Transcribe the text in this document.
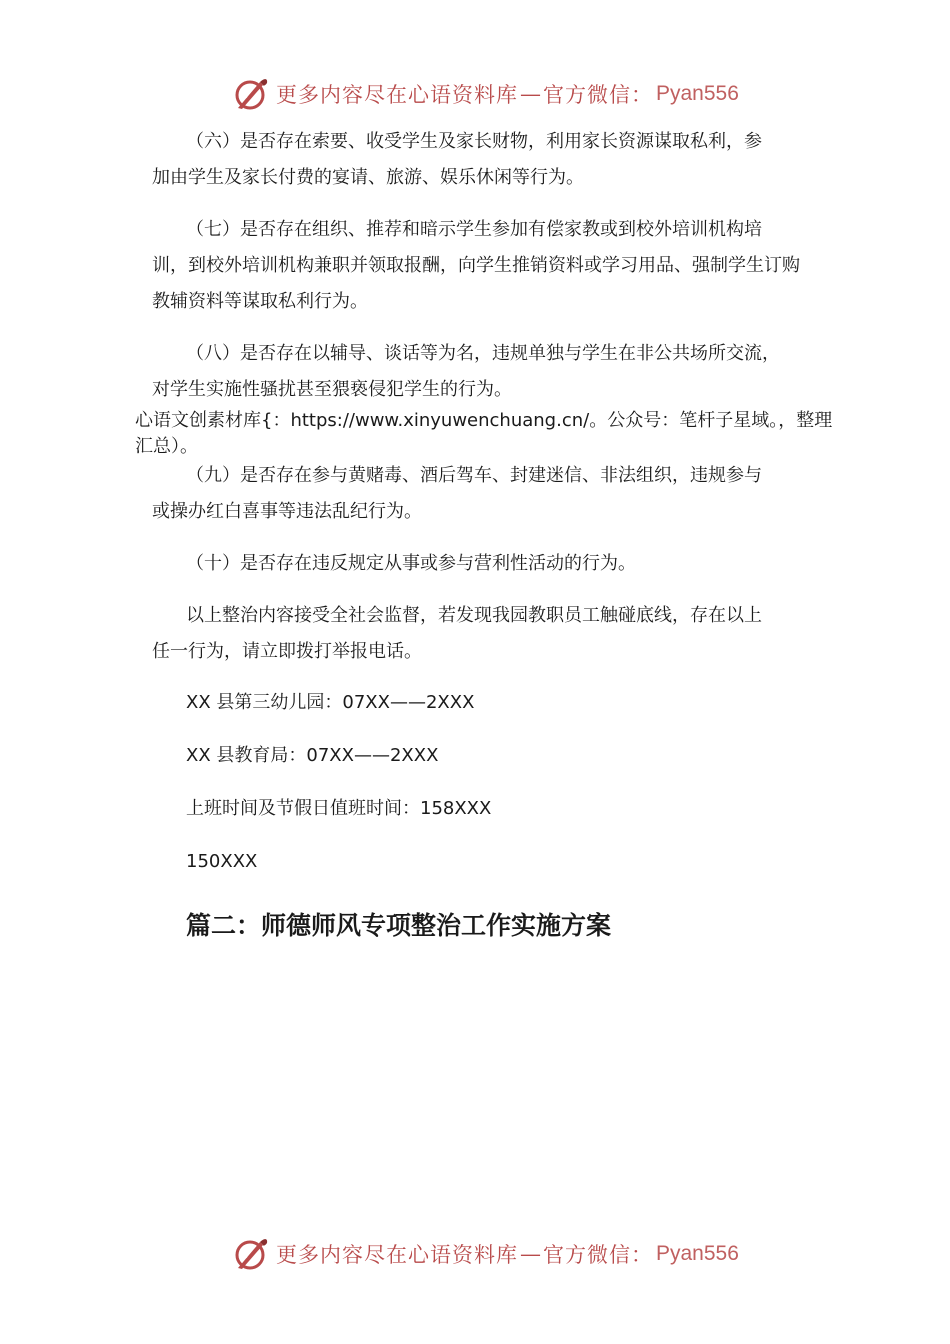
更多内容尽在心语资料库 — 官方微信 ： Pyan556

（六）是否存在索要、收受学生及家长财物，利用家长资源谋取私利，参
加由学生及家长付费的宴请、旅游、娱乐休闲等行为。

（七）是否存在组织、推荐和暗示学生参加有偿家教或到校外培训机构培
训，到校外培训机构兼职并领取报酬，向学生推销资料或学习用品、强制学生订购教辅资料等谋取私利行为。

（八）是否存在以辅导、谈话等为名，违规单独与学生在非公共场所交流，
对学生实施性骚扰甚至猥亵侵犯学生的行为。

心语文创素材库{：https://www.xinyuwenchuang.cn/。公众号：笔杆子星域。，整理汇总）。

（九）是否存在参与黄赌毒、酒后驾车、封建迷信、非法组织，违规参与
或操办红白喜事等违法乱纪行为。

（十）是否存在违反规定从事或参与营利性活动的行为。

以上整治内容接受全社会监督，若发现我园教职员工触碰底线，存在以上
任一行为，请立即拨打举报电话。

XX 县第三幼儿园：07XX——2XXX
XX 县教育局：07XX——2XXX
上班时间及节假日值班时间：158XXX
150XXX
篇二：师德师风专项整治工作实施方案
更多内容尽在心语资料库 — 官方微信 ： Pyan556
